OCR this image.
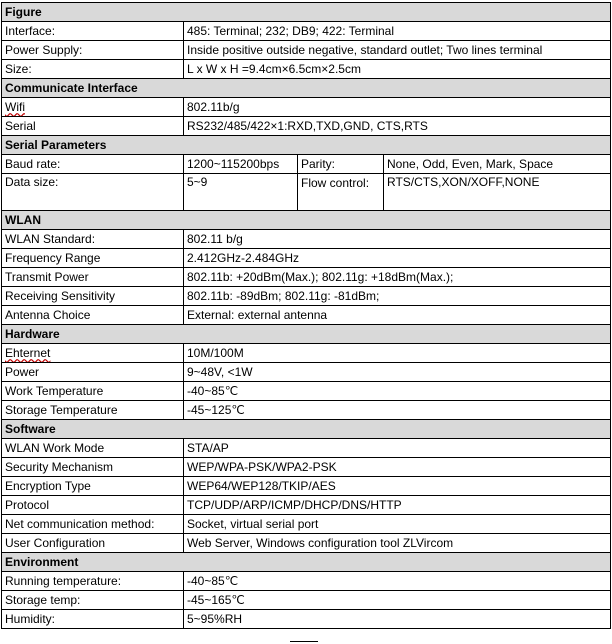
Figure			
Interface:	485: Terminal; 232; DB9; 422: Terminal		
Power Supply:	Inside positive outside negative, standard outlet; Two lines terminal		
Size:	L x W x H =9.4cm×6.5cm×2.5cm		
Communicate Interface			
Wifi	802.11b/g		
Serial	RS232/485/422×1:RXD,TXD,GND, CTS,RTS		
Serial Parameters			
Baud rate:	1200~115200bps	Parity:	None, Odd, Even, Mark, Space
Data size:	5~9	Flow control:	RTS/CTS,XON/XOFF,NONE
WLAN			
WLAN Standard:	802.11 b/g		
Frequency Range	2.412GHz-2.484GHz		
Transmit Power	802.11b: +20dBm(Max.); 802.11g: +18dBm(Max.);		
Receiving Sensitivity	802.11b: -89dBm; 802.11g: -81dBm;		
Antenna Choice	External: external antenna		
Hardware			
Ehternet	10M/100M		
Power	9~48V, <1W		
Work Temperature	-40~85℃		
Storage Temperature	-45~125℃		
Software			
WLAN Work Mode	STA/AP		
Security Mechanism	WEP/WPA-PSK/WPA2-PSK		
Encryption Type	WEP64/WEP128/TKIP/AES		
Protocol	TCP/UDP/ARP/ICMP/DHCP/DNS/HTTP		
Net communication method:	Socket, virtual serial port		
User Configuration	Web Server, Windows configuration tool ZLVircom		
Environment			
Running temperature:	-40~85℃		
Storage temp:	-45~165℃		
Humidity:	5~95%RH		
